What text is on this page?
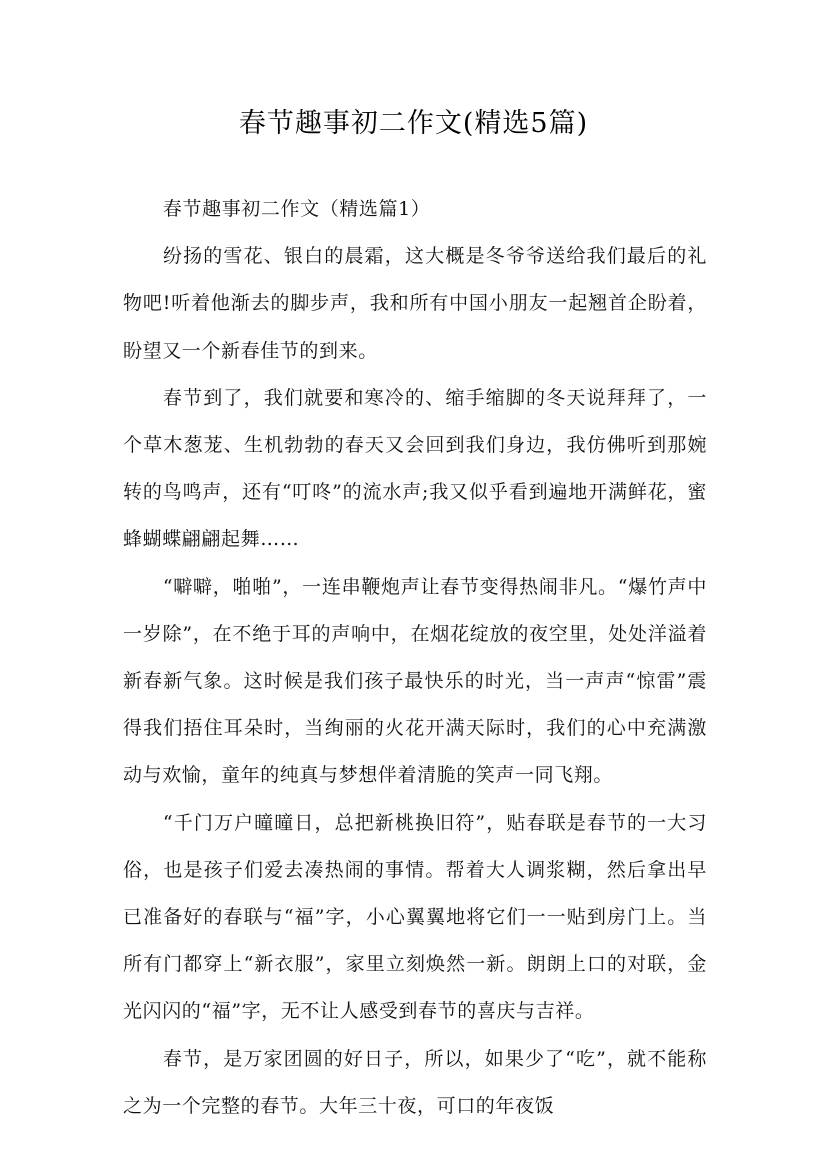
春节趣事初二作文(精选5篇)

春节趣事初二作文（精选篇1）

纷扬的雪花、银白的晨霜，这大概是冬爷爷送给我们最后的礼物吧!听着他渐去的脚步声，我和所有中国小朋友一起翘首企盼着，盼望又一个新春佳节的到来。

春节到了，我们就要和寒冷的、缩手缩脚的冬天说拜拜了，一个草木葱茏、生机勃勃的春天又会回到我们身边，我仿佛听到那婉转的鸟鸣声，还有“叮咚”的流水声;我又似乎看到遍地开满鲜花，蜜蜂蝴蝶翩翩起舞……

“噼噼，啪啪”，一连串鞭炮声让春节变得热闹非凡。“爆竹声中一岁除”，在不绝于耳的声响中，在烟花绽放的夜空里，处处洋溢着新春新气象。这时候是我们孩子最快乐的时光，当一声声“惊雷”震得我们捂住耳朵时，当绚丽的火花开满天际时，我们的心中充满激动与欢愉，童年的纯真与梦想伴着清脆的笑声一同飞翔。

“千门万户曈曈日，总把新桃换旧符”，贴春联是春节的一大习俗，也是孩子们爱去凑热闹的事情。帮着大人调浆糊，然后拿出早已准备好的春联与“福”字，小心翼翼地将它们一一贴到房门上。当所有门都穿上“新衣服”，家里立刻焕然一新。朗朗上口的对联，金光闪闪的“福”字，无不让人感受到春节的喜庆与吉祥。

春节，是万家团圆的好日子，所以，如果少了“吃”，就不能称之为一个完整的春节。大年三十夜，可口的年夜饭
